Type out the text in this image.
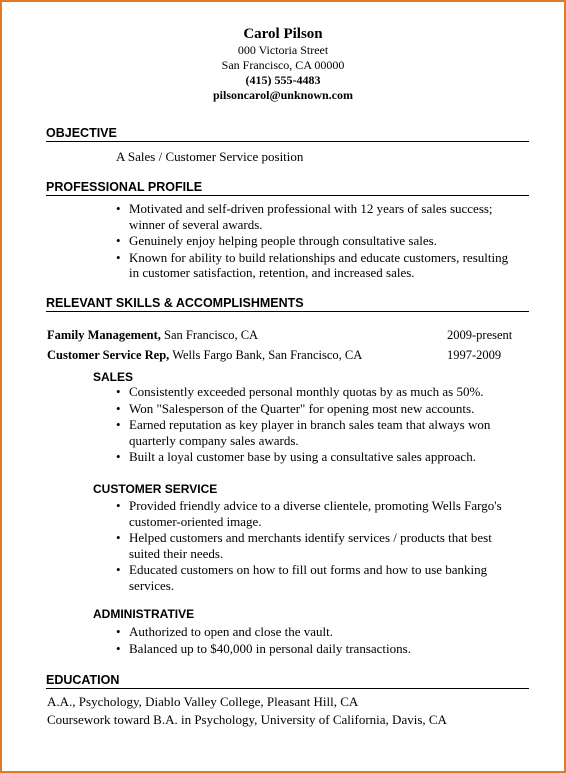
Carol Pilson
000 Victoria Street
San Francisco, CA 00000
(415) 555-4483
pilsoncarol@unknown.com
OBJECTIVE
A Sales / Customer Service position
PROFESSIONAL PROFILE
• Motivated and self-driven professional with 12 years of sales success; winner of several awards.
• Genuinely enjoy helping people through consultative sales.
• Known for ability to build relationships and educate customers, resulting in customer satisfaction, retention, and increased sales.
RELEVANT SKILLS & ACCOMPLISHMENTS
Family Management, San Francisco, CA	2009-present
Customer Service Rep, Wells Fargo Bank, San Francisco, CA	1997-2009
SALES
• Consistently exceeded personal monthly quotas by as much as 50%.
• Won "Salesperson of the Quarter" for opening most new accounts.
• Earned reputation as key player in branch sales team that always won quarterly company sales awards.
• Built a loyal customer base by using a consultative sales approach.
CUSTOMER SERVICE
• Provided friendly advice to a diverse clientele, promoting Wells Fargo's customer-oriented image.
• Helped customers and merchants identify services / products that best suited their needs.
• Educated customers on how to fill out forms and how to use banking services.
ADMINISTRATIVE
• Authorized to open and close the vault.
• Balanced up to $40,000 in personal daily transactions.
EDUCATION
A.A., Psychology, Diablo Valley College, Pleasant Hill, CA
Coursework toward B.A. in Psychology, University of California, Davis, CA
